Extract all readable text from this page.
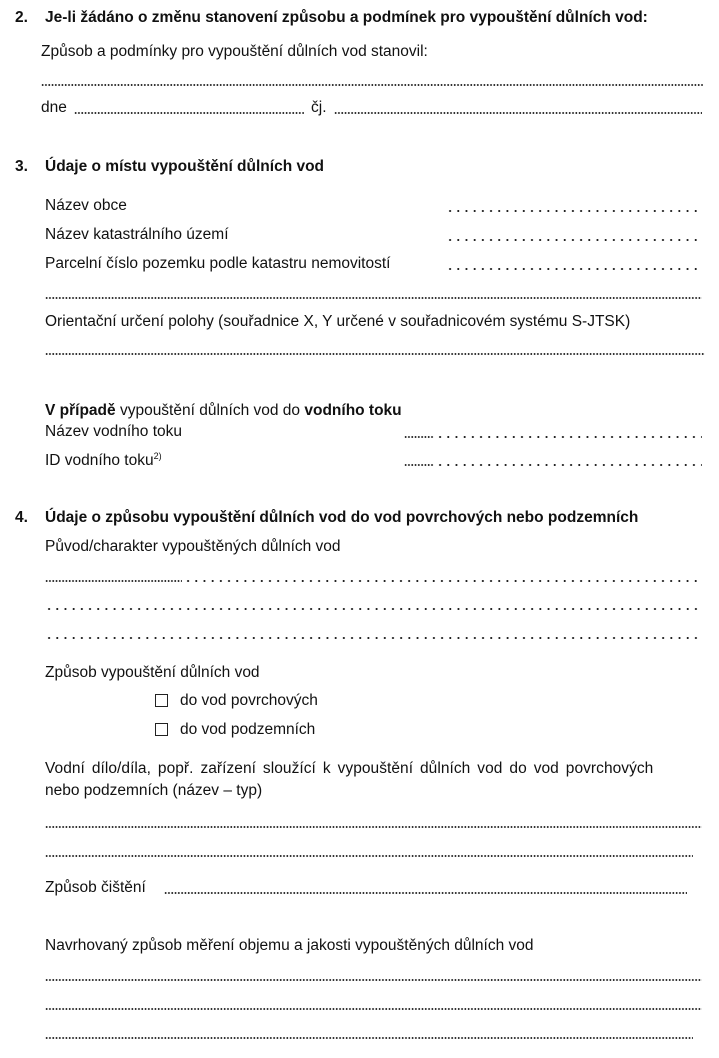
2. Je-li žádáno o změnu stanovení způsobu a podmínek pro vypouštění důlních vod:
Způsob a podmínky pro vypouštění důlních vod stanovil:
dne	čj.
3. Údaje o místu vypouštění důlních vod
Název obce
Název katastrálního území
Parcelní číslo pozemku podle katastru nemovitostí
Orientační určení polohy (souřadnice X, Y určené v souřadnicovém systému S-JTSK)
V případě vypouštění důlních vod do vodního toku
Název vodního toku
ID vodního toku$^{2)}$
4. Údaje o způsobu vypouštění důlních vod do vod povrchových nebo podzemních
Původ/charakter vypouštěných důlních vod
Způsob vypouštění důlních vod
do vod povrchových
do vod podzemních
Vodní dílo/díla, popř. zařízení sloužící k vypouštění důlních vod do vod povrchových
nebo podzemních (název – typ)
Způsob čištění
Navrhovaný způsob měření objemu a jakosti vypouštěných důlních vod
